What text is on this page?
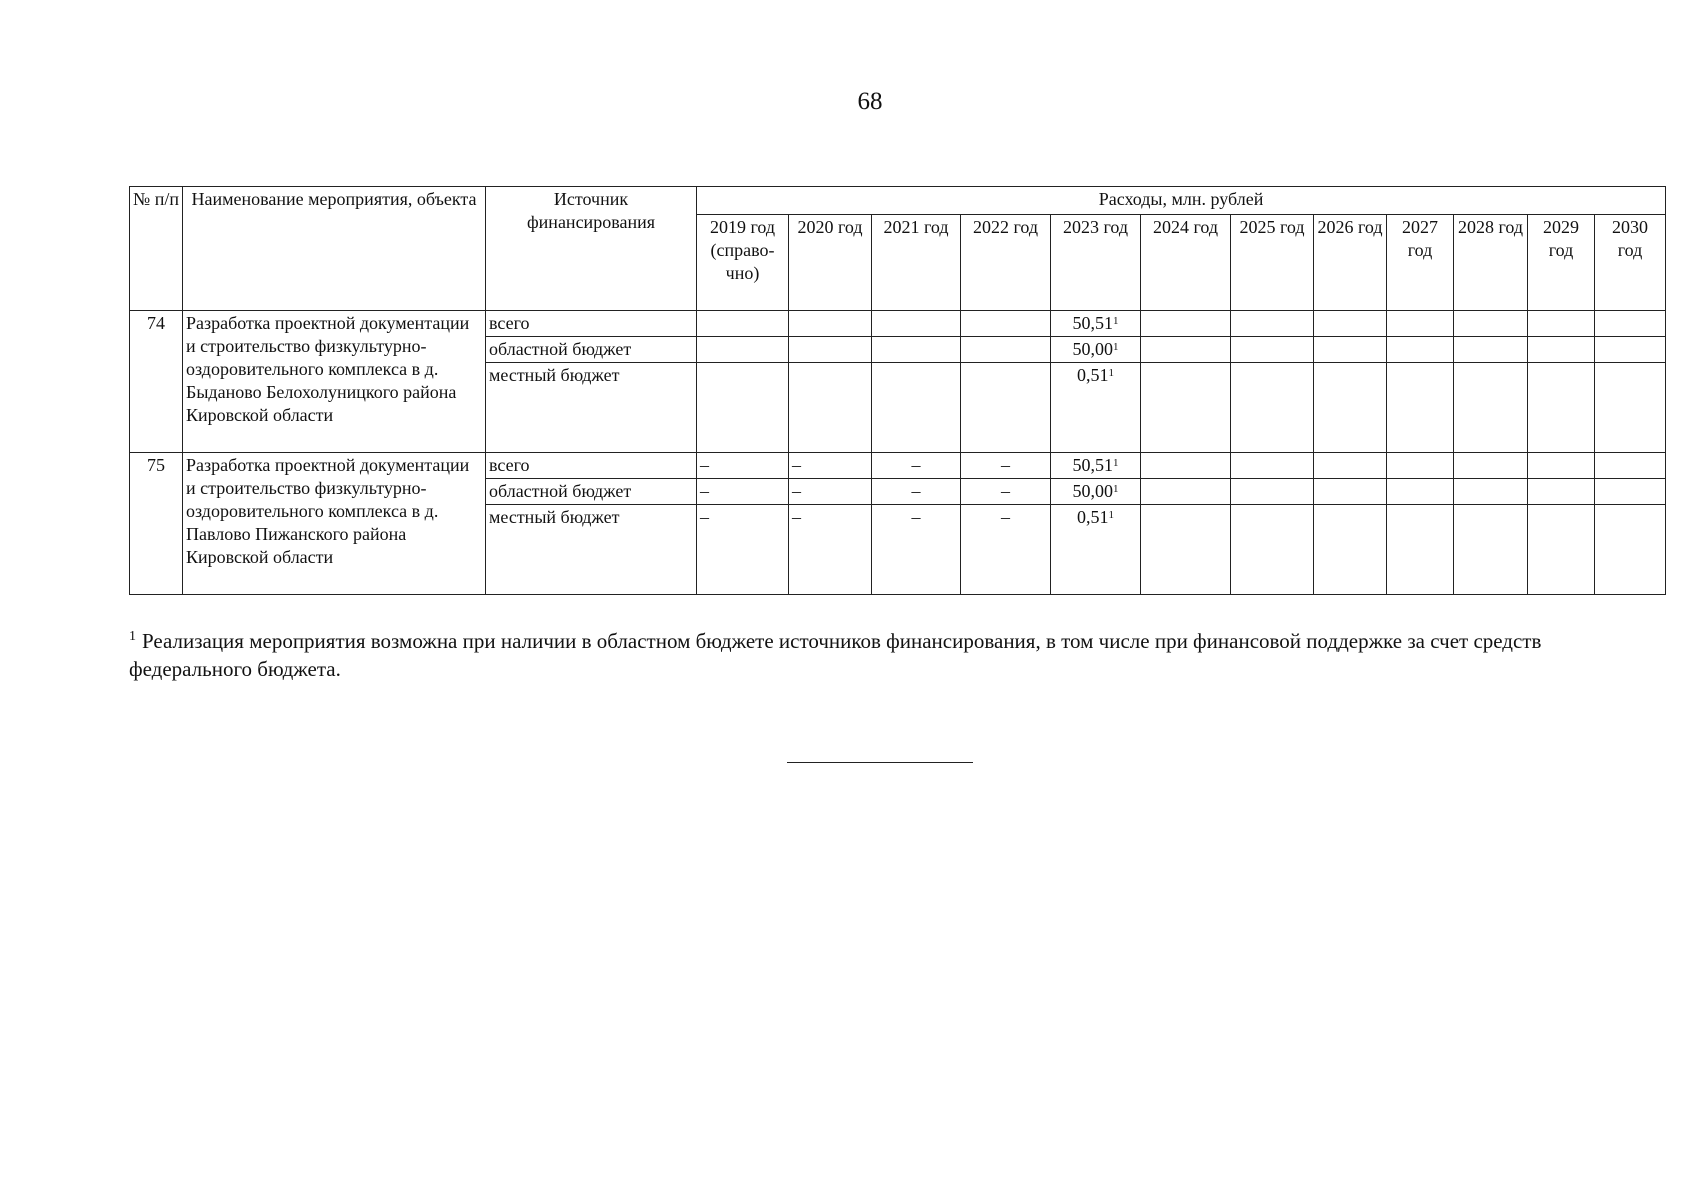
68
№ п/п	Наименование мероприятия, объекта	Источник финансирования	Расходы, млн. рублей											
			2019 год (справо- чно)	2020 год	2021 год	2022 год	2023 год	2024 год	2025 год	2026 год	2027 год	2028 год	2029 год	2030 год
74	Разработка проектной документации и строительство физкультурно-оздоровительного комплекса в д. Быданово Белохолуницкого района Кировской области	всего					50,51$^1$							
		областной бюджет					50,00$^1$							
		местный бюджет					0,51$^1$							
75	Разработка проектной документации и строительство физкультурно-оздоровительного комплекса в д. Павлово Пижанского района Кировской области	всего	–	–	–	–	50,51$^1$							
		областной бюджет	–	–	–	–	50,00$^1$							
		местный бюджет	–	–	–	–	0,51$^1$							
$^1$ Реализация мероприятия возможна при наличии в областном бюджете источников финансирования, в том числе при финансовой поддержке за счет средств федерального бюджета.
